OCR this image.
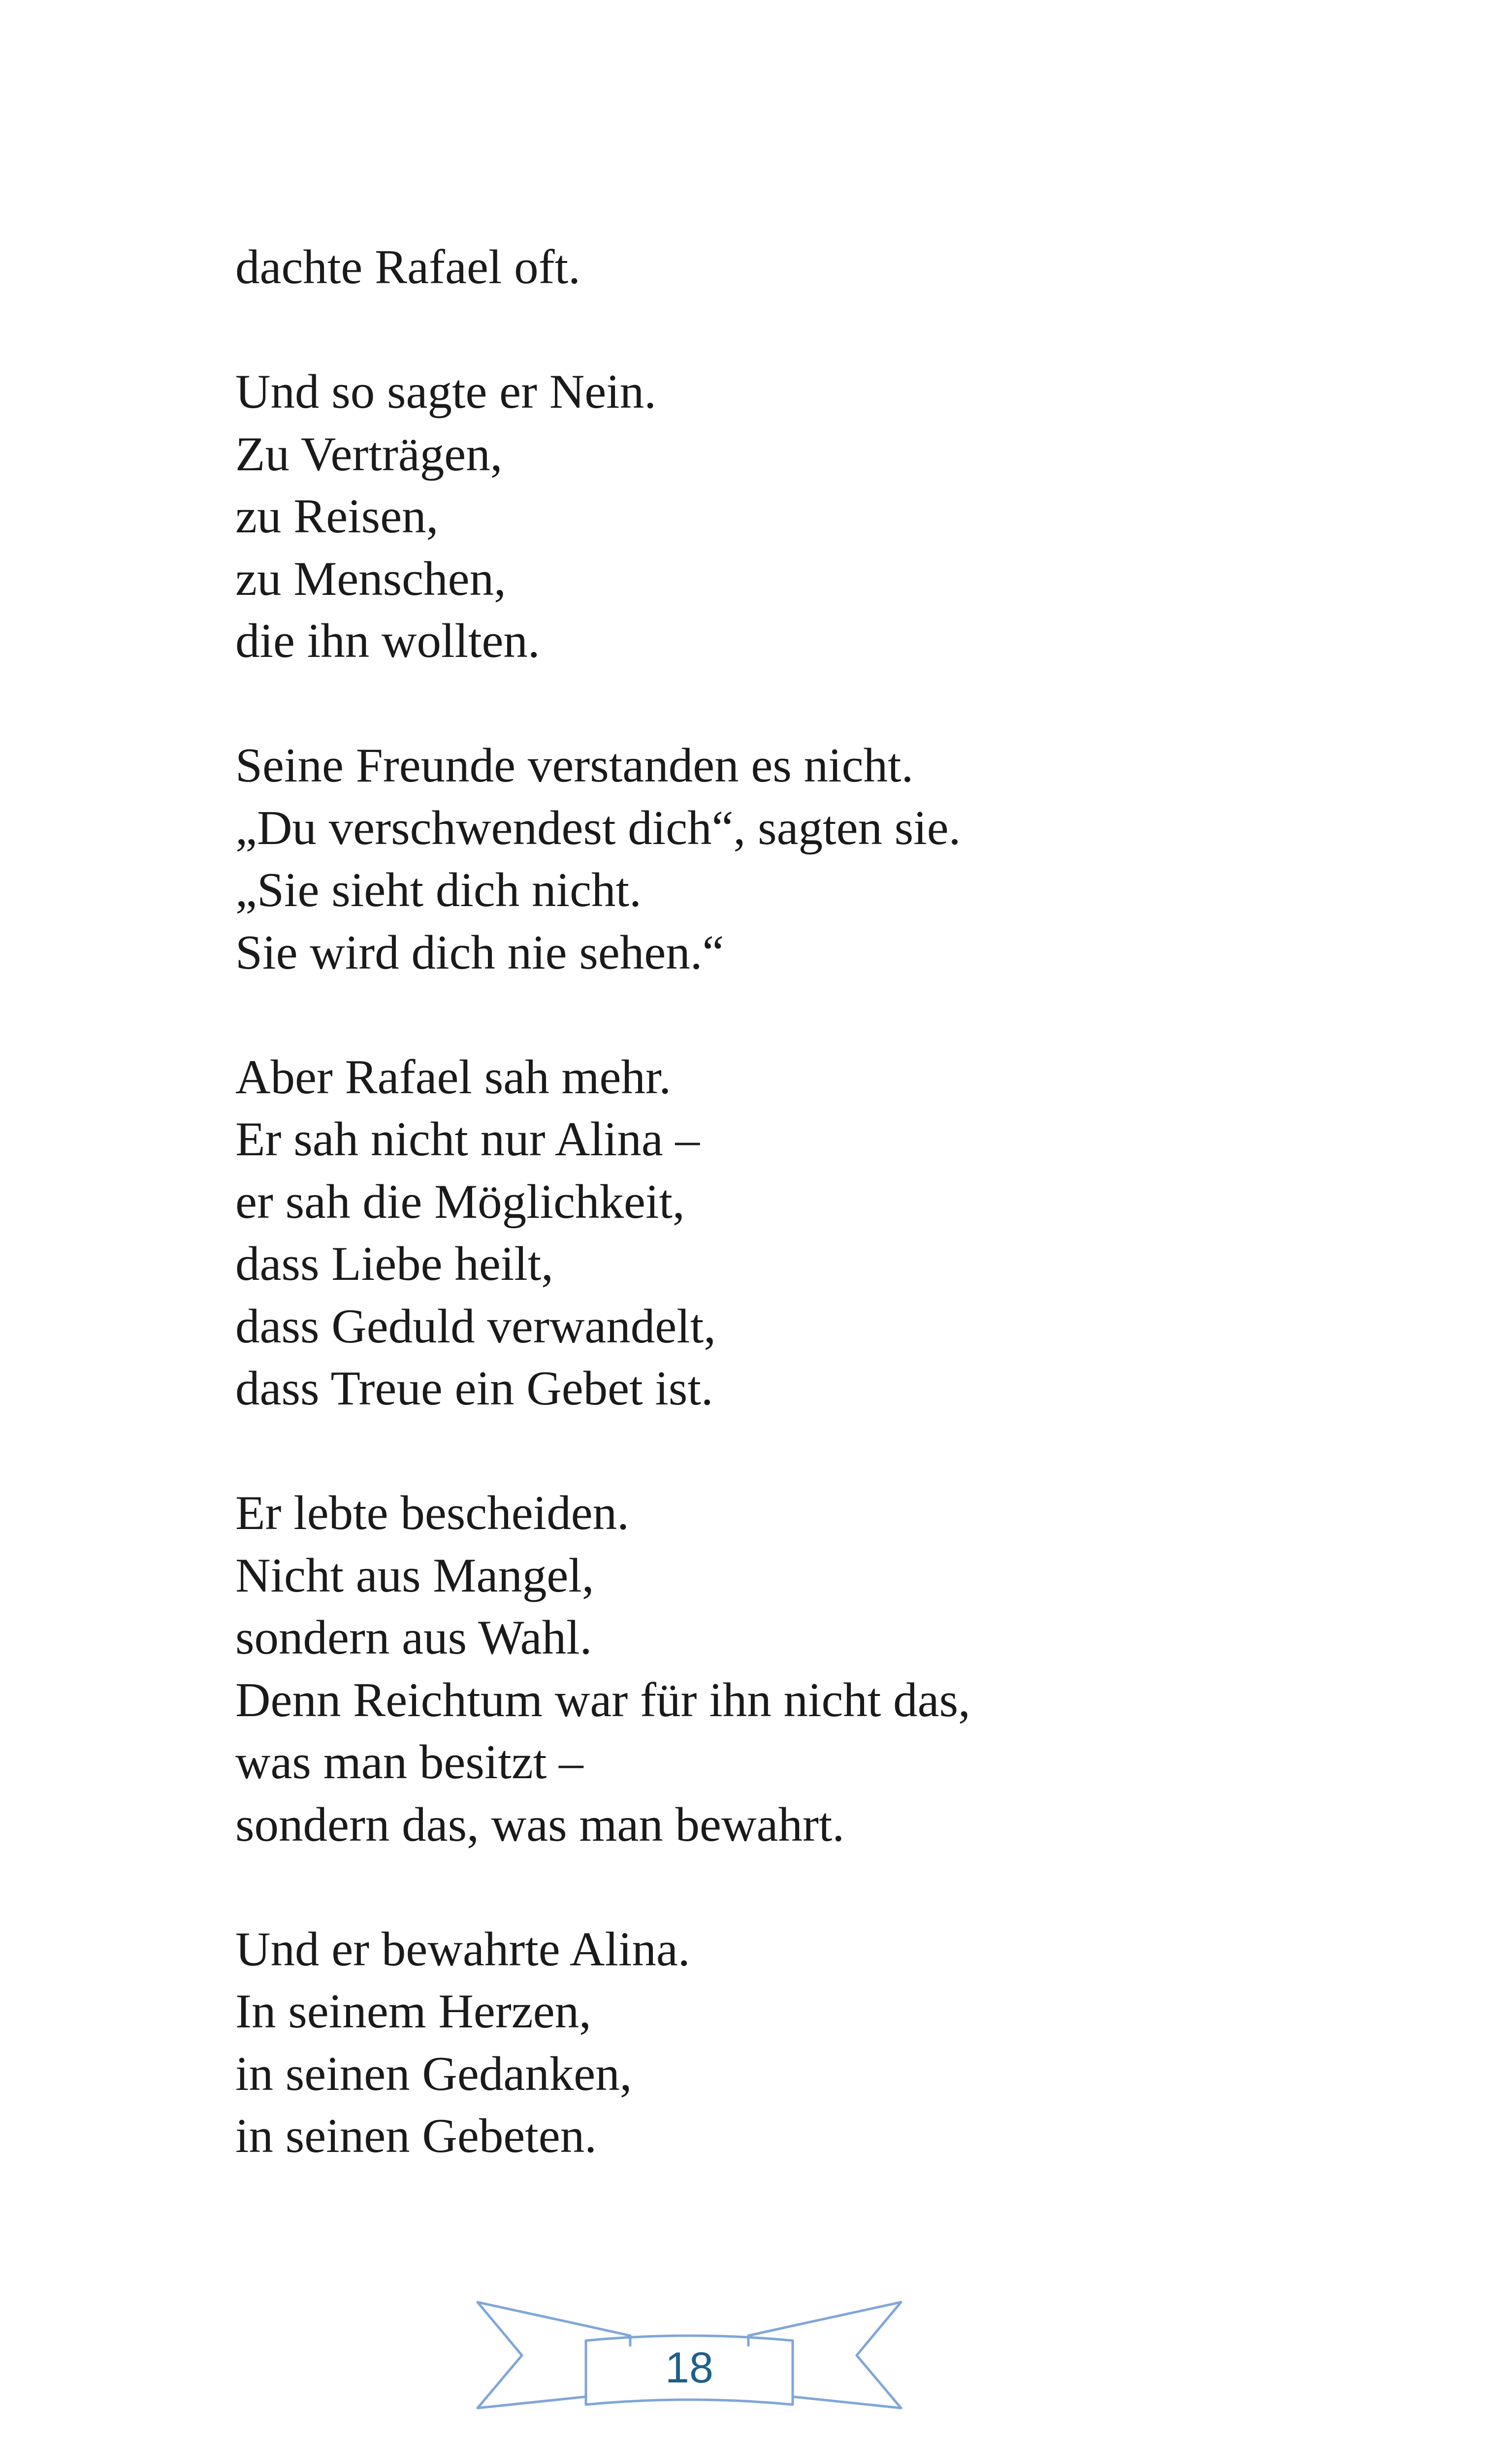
dachte Rafael oft.
Und so sagte er Nein.
Zu Verträgen,
zu Reisen,
zu Menschen,
die ihn wollten.
Seine Freunde verstanden es nicht.
„Du verschwendest dich“, sagten sie.
„Sie sieht dich nicht.
Sie wird dich nie sehen.“
Aber Rafael sah mehr.
Er sah nicht nur Alina –
er sah die Möglichkeit,
dass Liebe heilt,
dass Geduld verwandelt,
dass Treue ein Gebet ist.
Er lebte bescheiden.
Nicht aus Mangel,
sondern aus Wahl.
Denn Reichtum war für ihn nicht das,
was man besitzt –
sondern das, was man bewahrt.
Und er bewahrte Alina.
In seinem Herzen,
in seinen Gedanken,
in seinen Gebeten.
18
